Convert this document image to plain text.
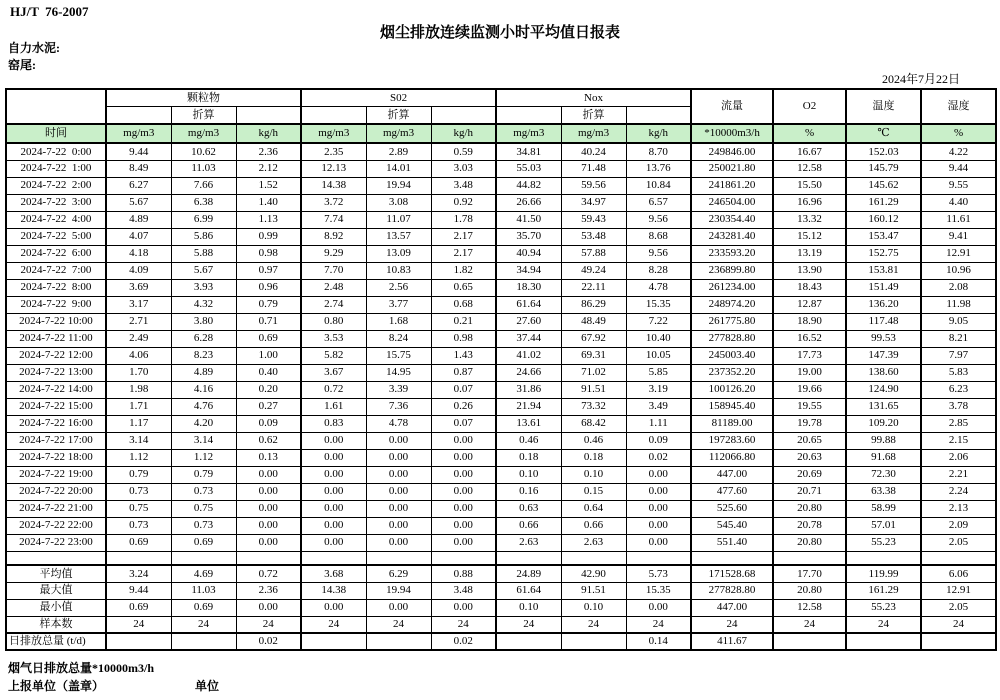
HJ/T  76-2007
烟尘排放连续监测小时平均值日报表
自力水泥:
窑尾:
2024年7月22日
	颗粒物			S02			Nox			流量	O2	温度	湿度
		折算			折算			折算					
时间	mg/m3	mg/m3	kg/h	mg/m3	mg/m3	kg/h	mg/m3	mg/m3	kg/h	*10000m3/h	%	℃	%
2024-7-22  0:00	9.44	10.62	2.36	2.35	2.89	0.59	34.81	40.24	8.70	249846.00	16.67	152.03	4.22
2024-7-22  1:00	8.49	11.03	2.12	12.13	14.01	3.03	55.03	71.48	13.76	250021.80	12.58	145.79	9.44
2024-7-22  2:00	6.27	7.66	1.52	14.38	19.94	3.48	44.82	59.56	10.84	241861.20	15.50	145.62	9.55
2024-7-22  3:00	5.67	6.38	1.40	3.72	3.08	0.92	26.66	34.97	6.57	246504.00	16.96	161.29	4.40
2024-7-22  4:00	4.89	6.99	1.13	7.74	11.07	1.78	41.50	59.43	9.56	230354.40	13.32	160.12	11.61
2024-7-22  5:00	4.07	5.86	0.99	8.92	13.57	2.17	35.70	53.48	8.68	243281.40	15.12	153.47	9.41
2024-7-22  6:00	4.18	5.88	0.98	9.29	13.09	2.17	40.94	57.88	9.56	233593.20	13.19	152.75	12.91
2024-7-22  7:00	4.09	5.67	0.97	7.70	10.83	1.82	34.94	49.24	8.28	236899.80	13.90	153.81	10.96
2024-7-22  8:00	3.69	3.93	0.96	2.48	2.56	0.65	18.30	22.11	4.78	261234.00	18.43	151.49	2.08
2024-7-22  9:00	3.17	4.32	0.79	2.74	3.77	0.68	61.64	86.29	15.35	248974.20	12.87	136.20	11.98
2024-7-22 10:00	2.71	3.80	0.71	0.80	1.68	0.21	27.60	48.49	7.22	261775.80	18.90	117.48	9.05
2024-7-22 11:00	2.49	6.28	0.69	3.53	8.24	0.98	37.44	67.92	10.40	277828.80	16.52	99.53	8.21
2024-7-22 12:00	4.06	8.23	1.00	5.82	15.75	1.43	41.02	69.31	10.05	245003.40	17.73	147.39	7.97
2024-7-22 13:00	1.70	4.89	0.40	3.67	14.95	0.87	24.66	71.02	5.85	237352.20	19.00	138.60	5.83
2024-7-22 14:00	1.98	4.16	0.20	0.72	3.39	0.07	31.86	91.51	3.19	100126.20	19.66	124.90	6.23
2024-7-22 15:00	1.71	4.76	0.27	1.61	7.36	0.26	21.94	73.32	3.49	158945.40	19.55	131.65	3.78
2024-7-22 16:00	1.17	4.20	0.09	0.83	4.78	0.07	13.61	68.42	1.11	81189.00	19.78	109.20	2.85
2024-7-22 17:00	3.14	3.14	0.62	0.00	0.00	0.00	0.46	0.46	0.09	197283.60	20.65	99.88	2.15
2024-7-22 18:00	1.12	1.12	0.13	0.00	0.00	0.00	0.18	0.18	0.02	112066.80	20.63	91.68	2.06
2024-7-22 19:00	0.79	0.79	0.00	0.00	0.00	0.00	0.10	0.10	0.00	447.00	20.69	72.30	2.21
2024-7-22 20:00	0.73	0.73	0.00	0.00	0.00	0.00	0.16	0.15	0.00	477.60	20.71	63.38	2.24
2024-7-22 21:00	0.75	0.75	0.00	0.00	0.00	0.00	0.63	0.64	0.00	525.60	20.80	58.99	2.13
2024-7-22 22:00	0.73	0.73	0.00	0.00	0.00	0.00	0.66	0.66	0.00	545.40	20.78	57.01	2.09
2024-7-22 23:00	0.69	0.69	0.00	0.00	0.00	0.00	2.63	2.63	0.00	551.40	20.80	55.23	2.05

平均值	3.24	4.69	0.72	3.68	6.29	0.88	24.89	42.90	5.73	171528.68	17.70	119.99	6.06
最大值	9.44	11.03	2.36	14.38	19.94	3.48	61.64	91.51	15.35	277828.80	20.80	161.29	12.91
最小值	0.69	0.69	0.00	0.00	0.00	0.00	0.10	0.10	0.00	447.00	12.58	55.23	2.05
样本数	24	24	24	24	24	24	24	24	24	24	24	24	24
日排放总量 (t/d)			0.02			0.02			0.14	411.67			
烟气日排放总量*10000m3/h
上报单位（盖章）	单位
